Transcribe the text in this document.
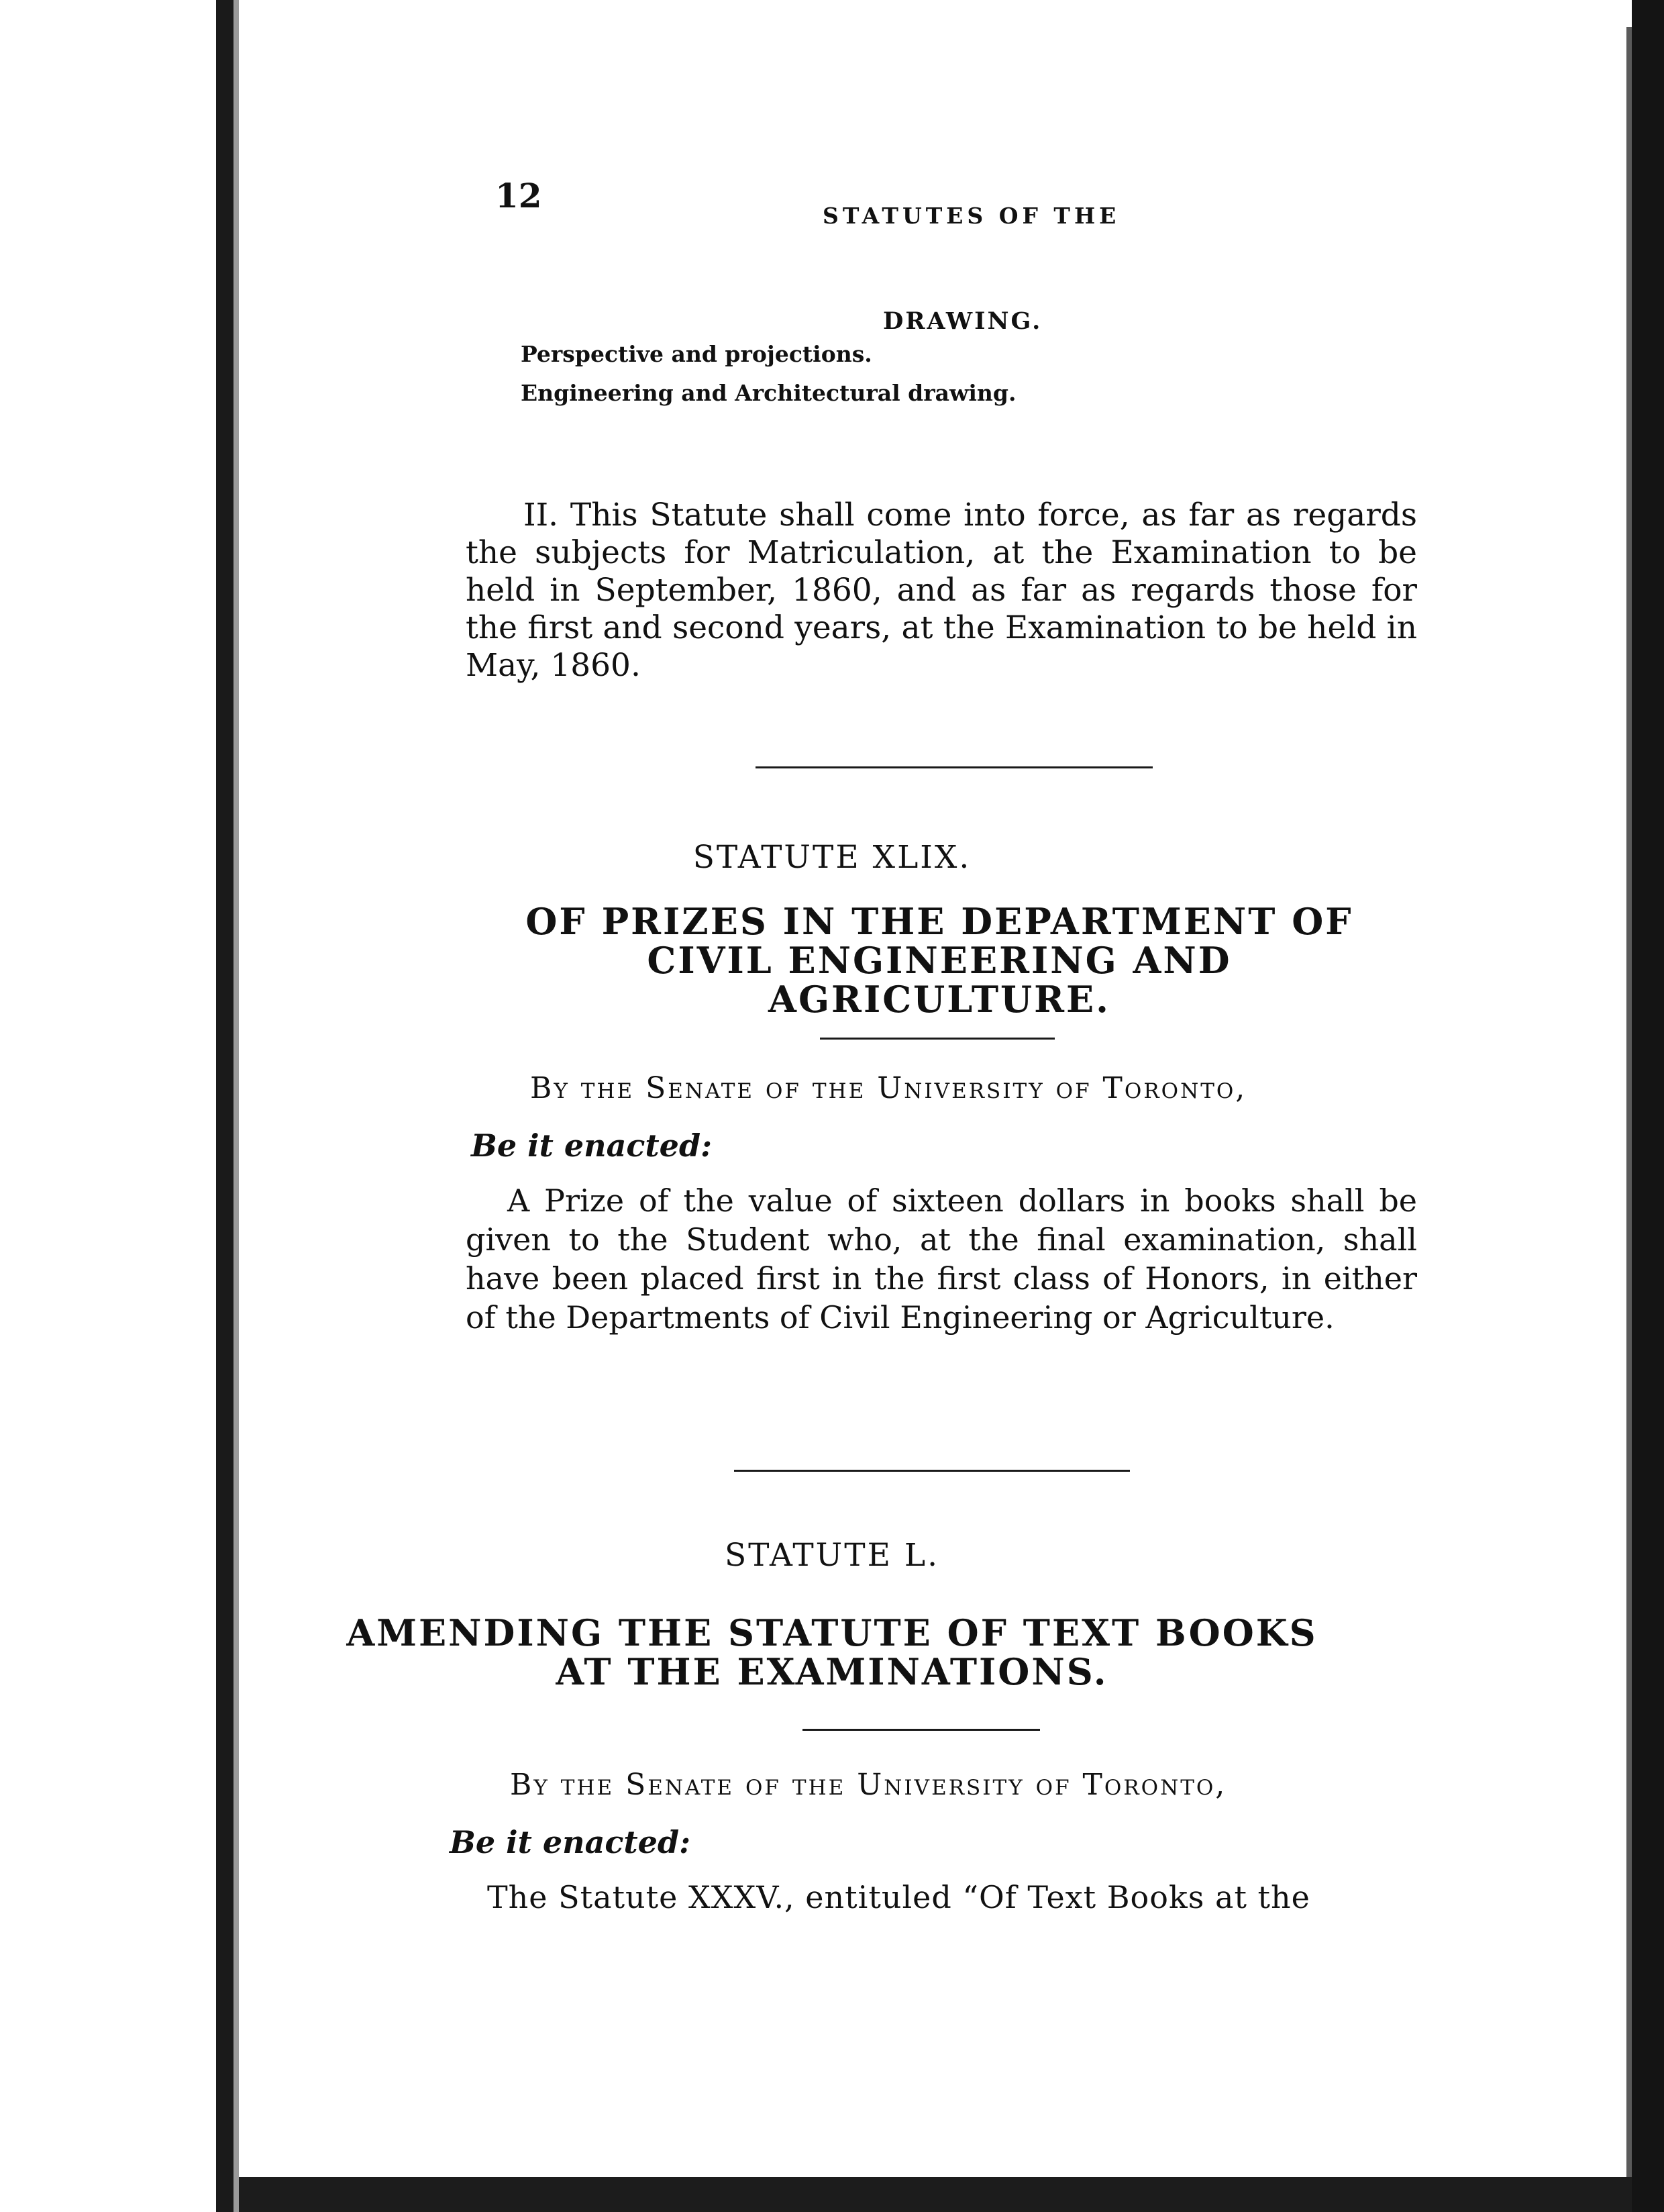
12
STATUTES OF THE
DRAWING.
Perspective and projections.
Engineering and Architectural drawing.

II. This Statute shall come into force, as far as regards the subjects for Matriculation, at the Examination to be held in September, 1860, and as far as regards those for the first and second years, at the Examination to be held in May, 1860.

STATUTE XLIX.
OF PRIZES IN THE DEPARTMENT OF CIVIL ENGINEERING AND AGRICULTURE.
By the Senate of the University of Toronto,
Be it enacted:

A Prize of the value of sixteen dollars in books shall be given to the Student who, at the final examination, shall have been placed first in the first class of Honors, in either of the Departments of Civil Engineering or Agriculture.

STATUTE L.
AMENDING THE STATUTE OF TEXT BOOKS
AT THE EXAMINATIONS.
By the Senate of the University of Toronto,
Be it enacted:
The Statute XXXV., entituled “Of Text Books at the
